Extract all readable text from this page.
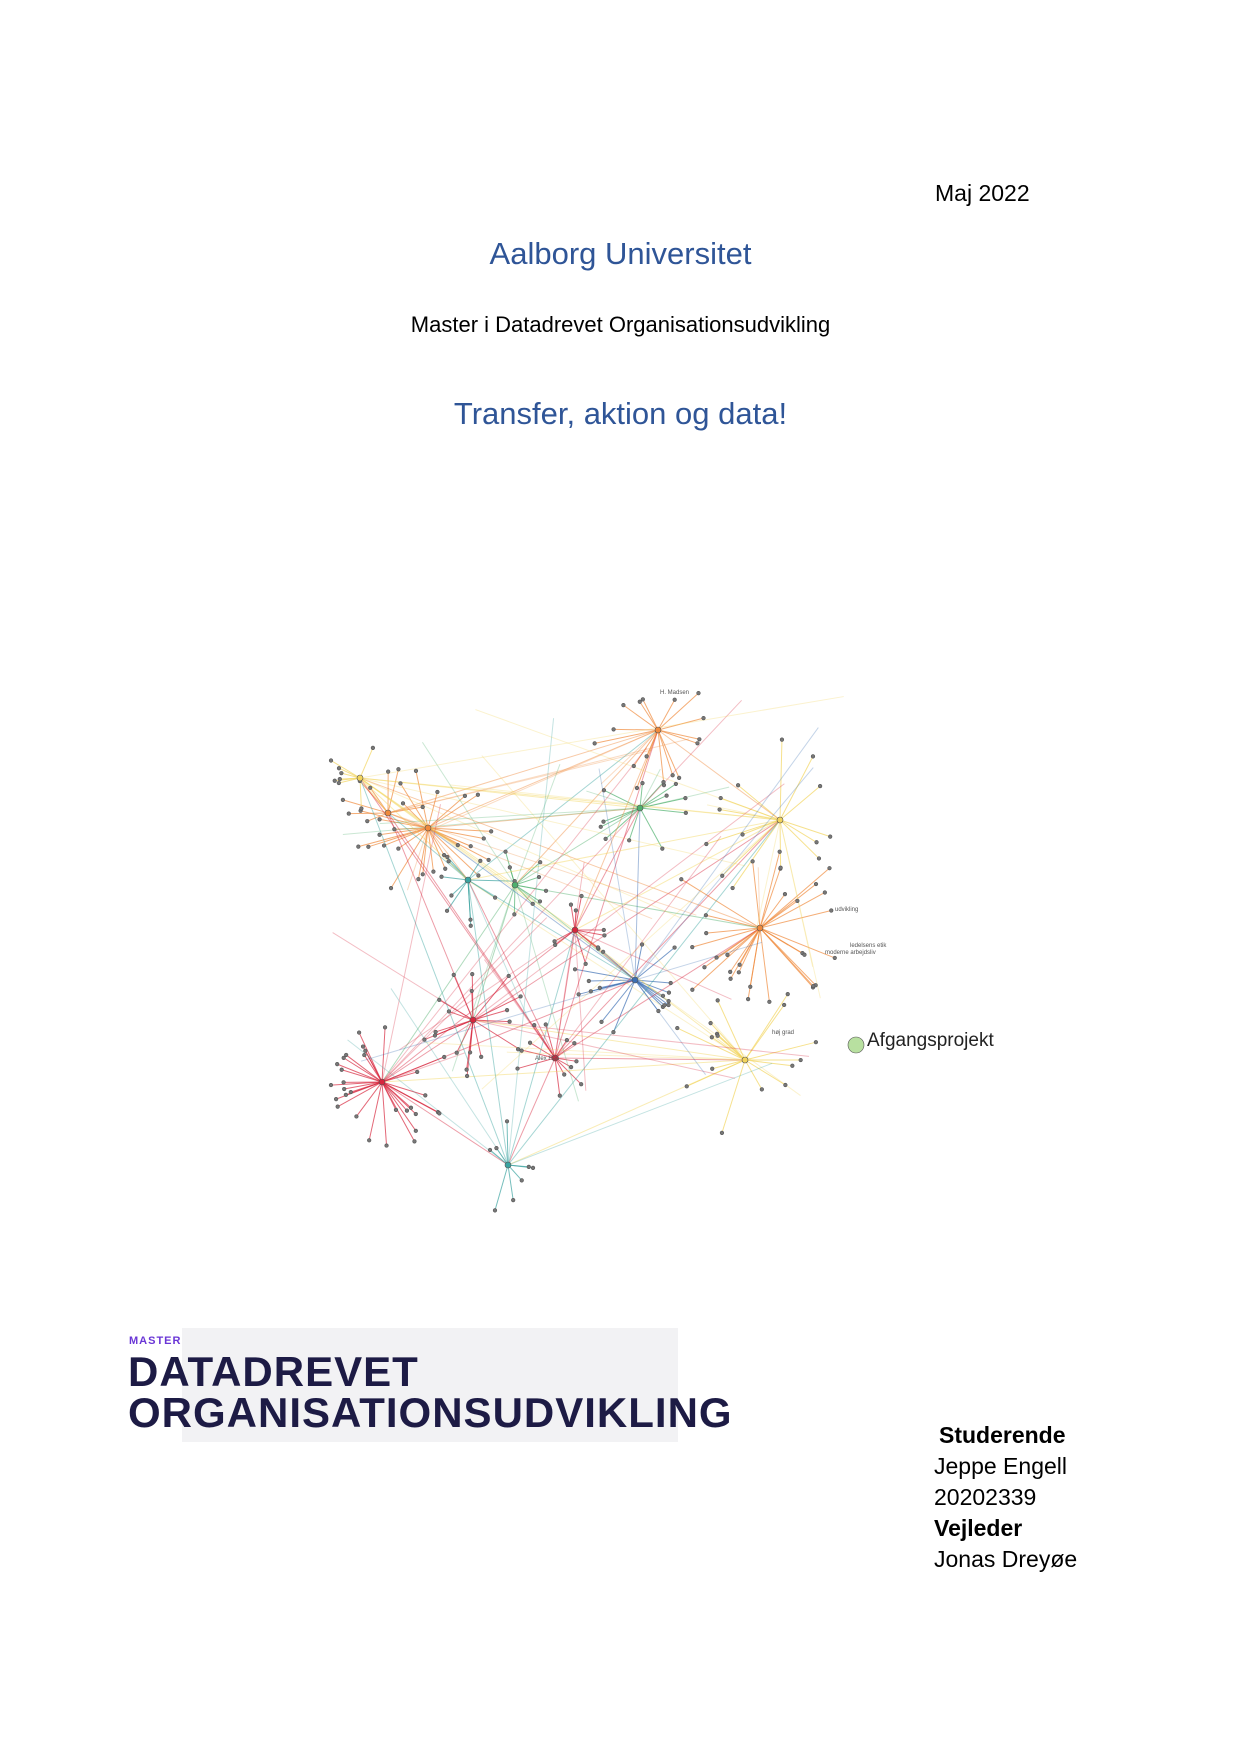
Maj 2022
Aalborg Universitet
Master i Datadrevet Organisationsudvikling
Transfer, aktion og data!
H. Madsen
udvikling
ledelsens etik
moderne arbejdsliv
høj grad
Alex Hau
Afgangsprojekt
MASTER
DATADREVET
ORGANISATIONSUDVIKLING	Studerende
Jeppe Engell
20202339
Vejleder
Jonas Dreyøe
